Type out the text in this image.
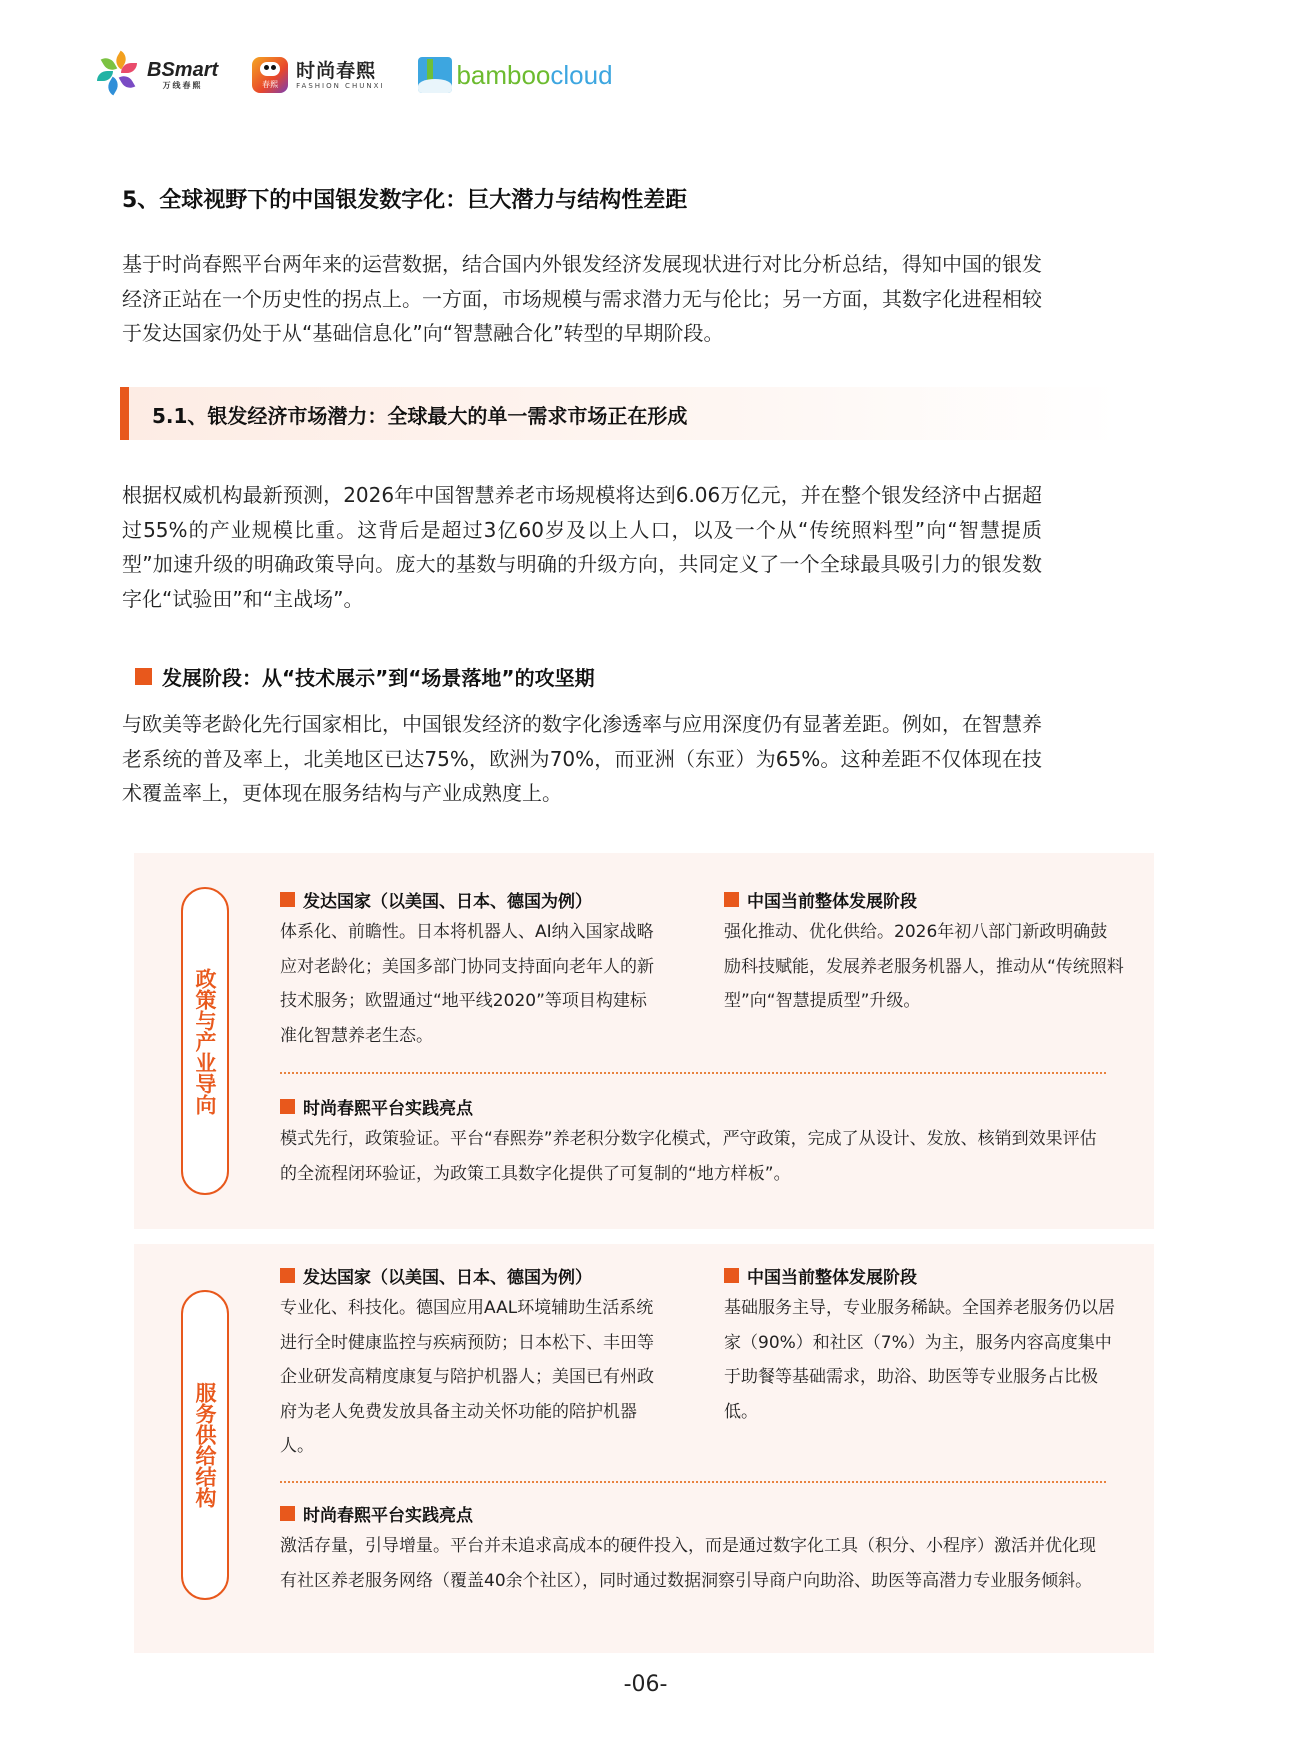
BSmart
万线春熙	春熙
时尚春熙
FASHION CHUNXI	bamboocloud
5、全球视野下的中国银发数字化：巨大潜力与结构性差距
基于时尚春熙平台两年来的运营数据，结合国内外银发经济发展现状进行对比分析总结，得知中国的银发经济正站在一个历史性的拐点上。一方面，市场规模与需求潜力无与伦比；另一方面，其数字化进程相较于发达国家仍处于从“基础信息化”向“智慧融合化”转型的早期阶段。
5.1、银发经济市场潜力：全球最大的单一需求市场正在形成
根据权威机构最新预测，2026年中国智慧养老市场规模将达到6.06万亿元，并在整个银发经济中占据超过55%的产业规模比重。这背后是超过3亿60岁及以上人口，以及一个从“传统照料型”向“智慧提质型”加速升级的明确政策导向。庞大的基数与明确的升级方向，共同定义了一个全球最具吸引力的银发数字化“试验田”和“主战场”。
发展阶段：从“技术展示”到“场景落地”的攻坚期
与欧美等老龄化先行国家相比，中国银发经济的数字化渗透率与应用深度仍有显著差距。例如，在智慧养老系统的普及率上，北美地区已达75%，欧洲为70%，而亚洲（东亚）为65%。这种差距不仅体现在技术覆盖率上，更体现在服务结构与产业成熟度上。
政策与产业导向
发达国家（以美国、日本、德国为例）
体系化、前瞻性。日本将机器人、AI纳入国家战略应对老龄化；美国多部门协同支持面向老年人的新技术服务；欧盟通过“地平线2020”等项目构建标准化智慧养老生态。
中国当前整体发展阶段
强化推动、优化供给。2026年初八部门新政明确鼓励科技赋能，发展养老服务机器人，推动从“传统照料型”向“智慧提质型”升级。
时尚春熙平台实践亮点
模式先行，政策验证。平台“春熙券”养老积分数字化模式，严守政策，完成了从设计、发放、核销到效果评估的全流程闭环验证，为政策工具数字化提供了可复制的“地方样板”。
服务供给结构
发达国家（以美国、日本、德国为例）
专业化、科技化。德国应用AAL环境辅助生活系统进行全时健康监控与疾病预防；日本松下、丰田等企业研发高精度康复与陪护机器人；美国已有州政府为老人免费发放具备主动关怀功能的陪护机器人。
中国当前整体发展阶段
基础服务主导，专业服务稀缺。全国养老服务仍以居家（90%）和社区（7%）为主，服务内容高度集中于助餐等基础需求，助浴、助医等专业服务占比极低。
时尚春熙平台实践亮点
激活存量，引导增量。平台并未追求高成本的硬件投入，而是通过数字化工具（积分、小程序）激活并优化现有社区养老服务网络（覆盖40余个社区），同时通过数据洞察引导商户向助浴、助医等高潜力专业服务倾斜。
-06-
